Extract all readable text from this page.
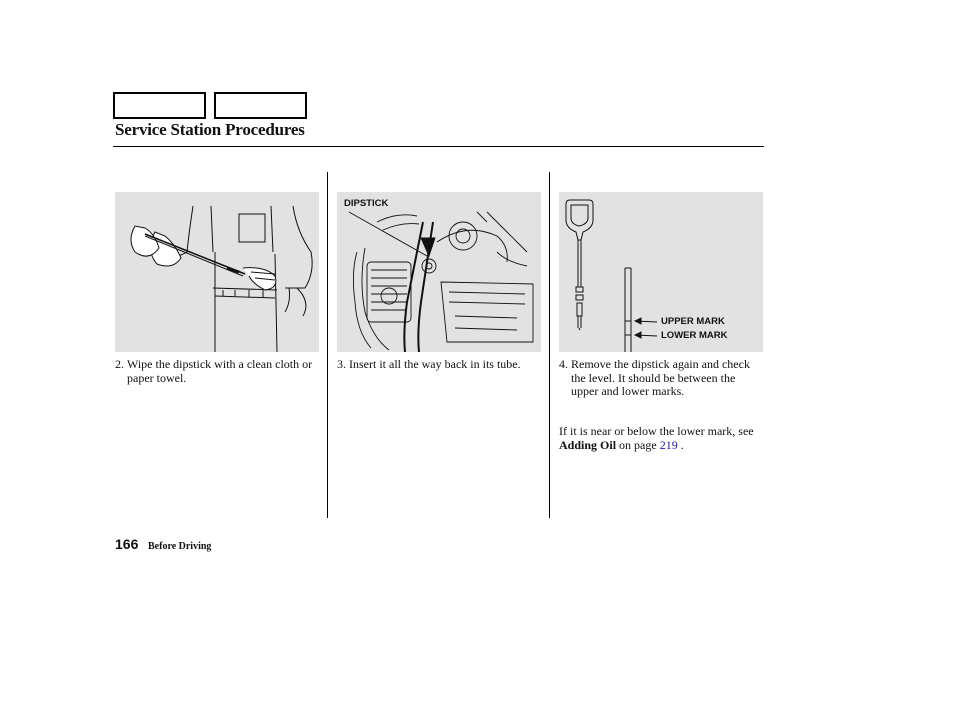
Service Station Procedures
DIPSTICK
UPPER MARK
LOWER MARK
2. Wipe the dipstick with a clean cloth or paper towel.
3. Insert it all the way back in its tube.	4. Remove the dipstick again and check the level. It should be between the upper and lower marks.
If it is near or below the lower mark, see Adding Oil on page 219 .
166 Before Driving
